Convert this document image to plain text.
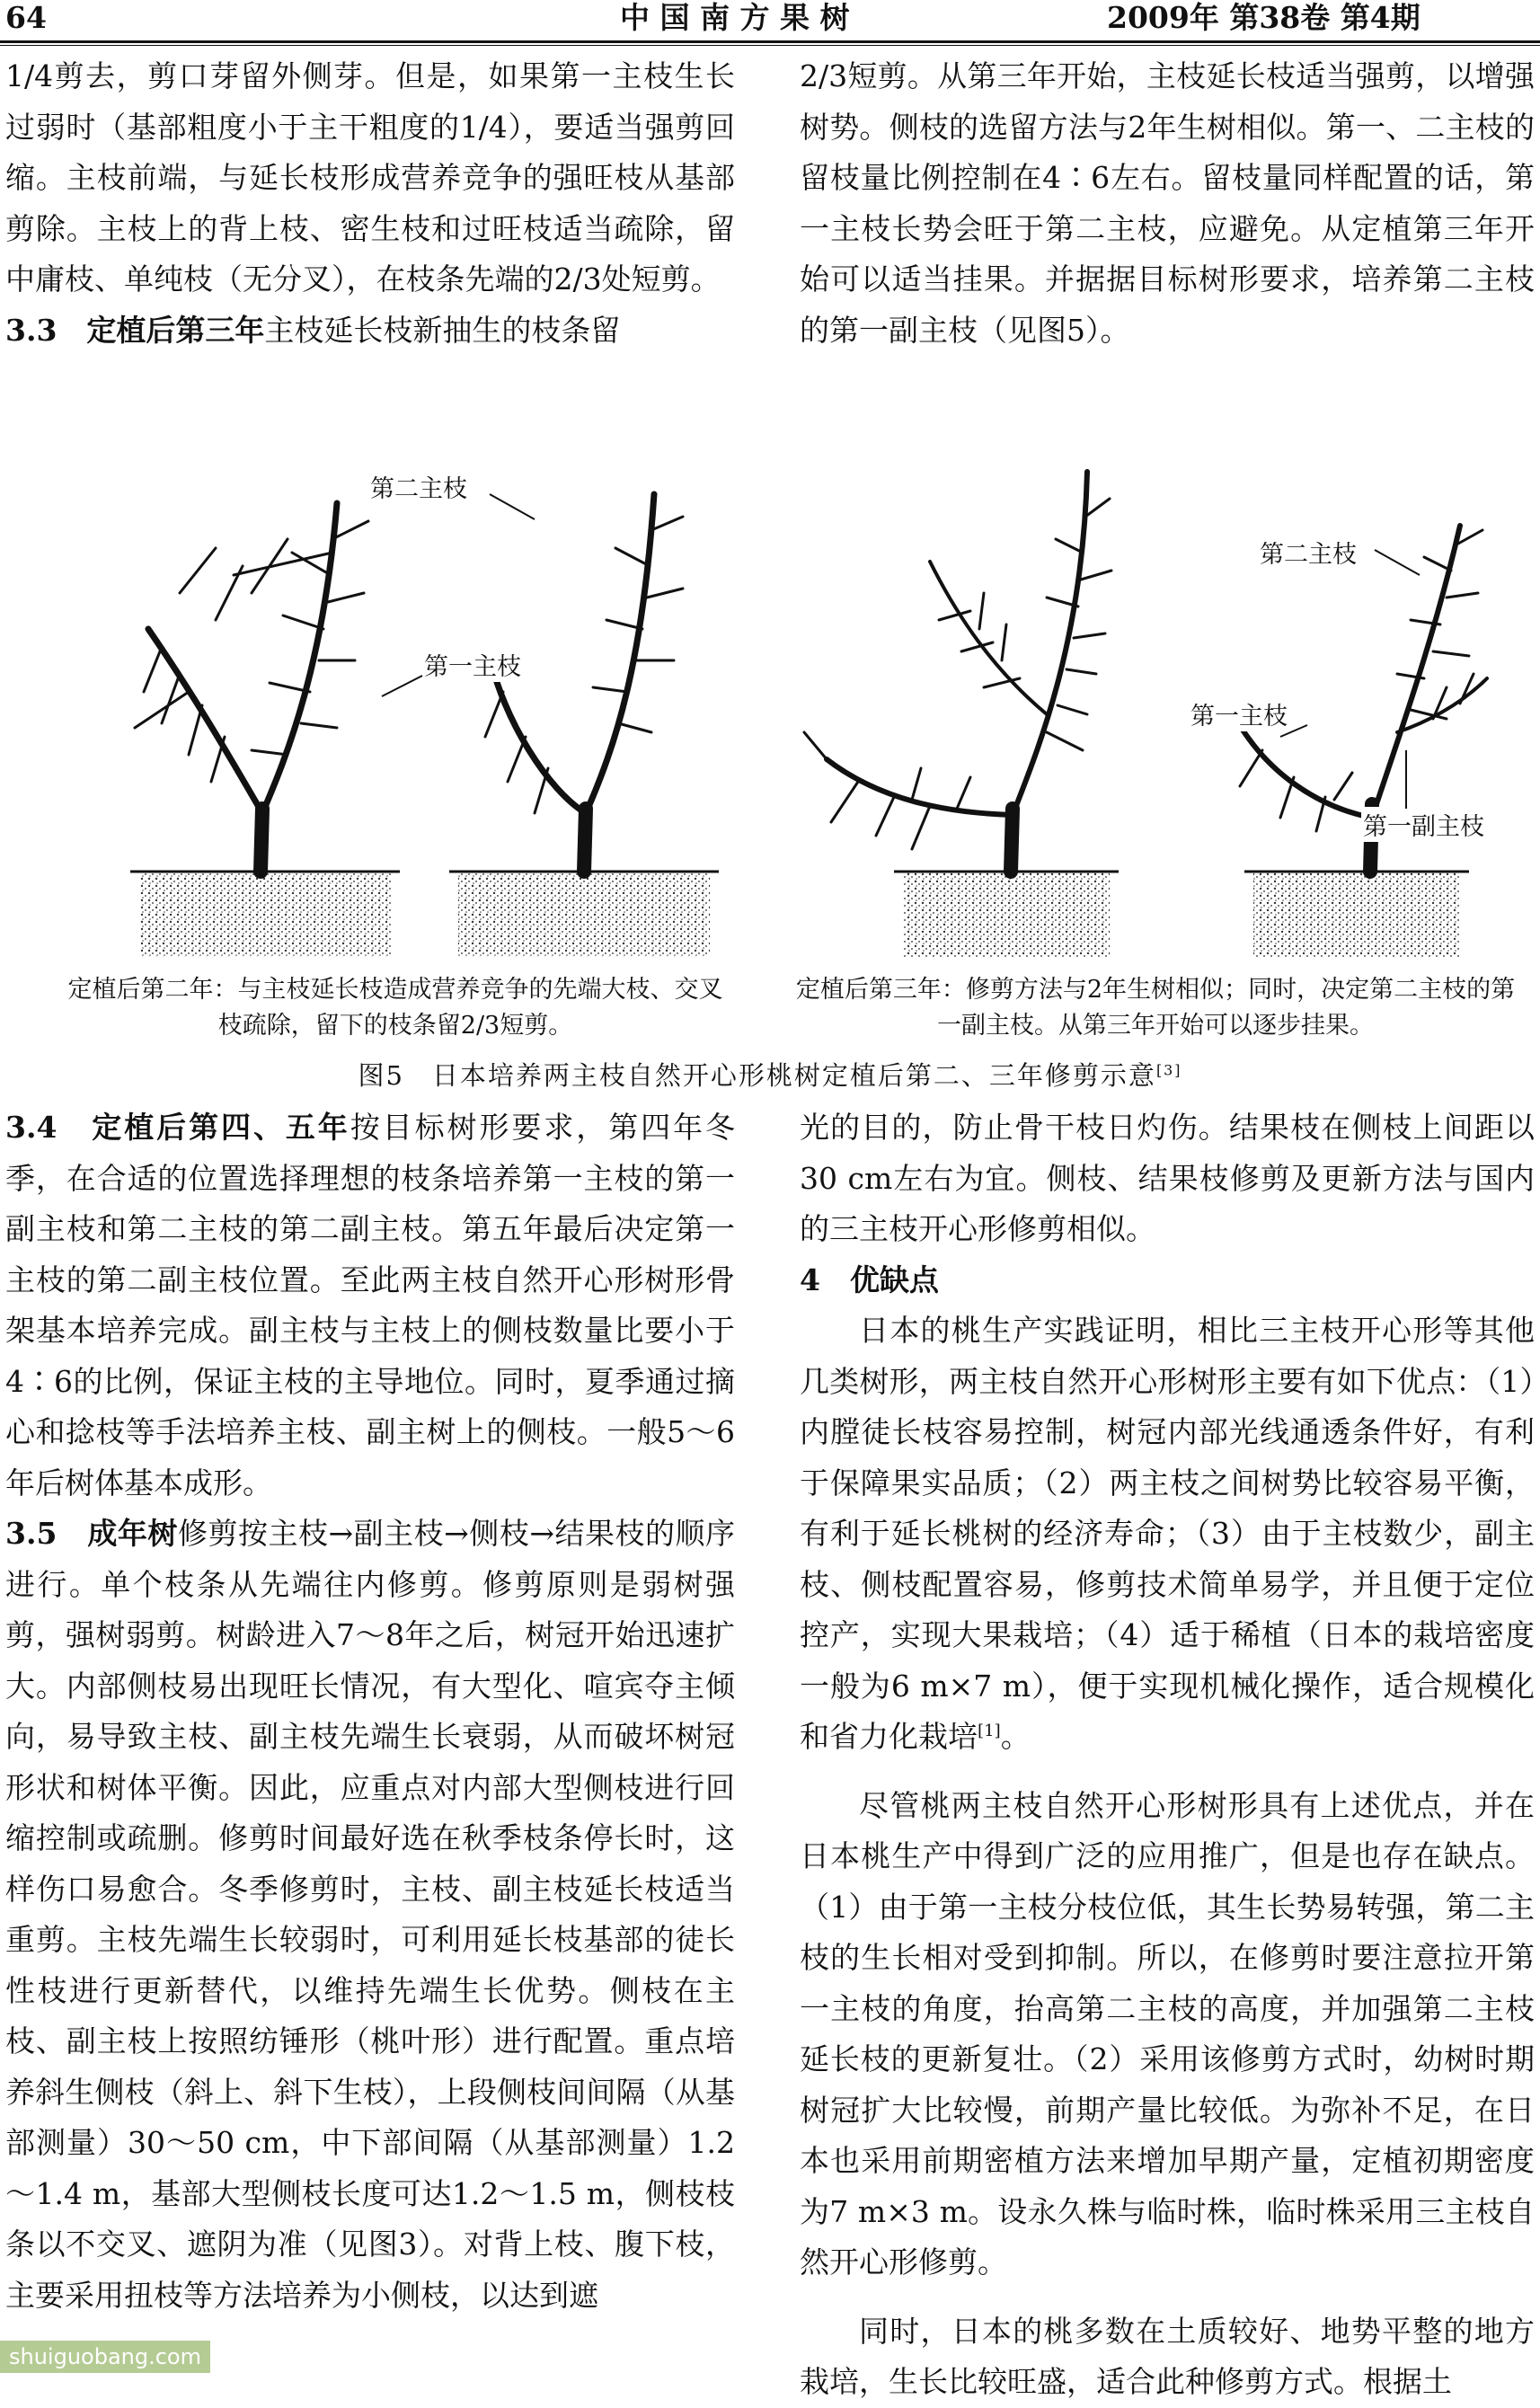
64	中 国 南 方 果 树	2009年 第38卷 第4期

1/4剪去，剪口芽留外侧芽。但是，如果第一主枝生长过弱时（基部粗度小于主干粗度的1/4），要适当强剪回缩。主枝前端，与延长枝形成营养竞争的强旺枝从基部剪除。主枝上的背上枝、密生枝和过旺枝适当疏除，留中庸枝、单纯枝（无分叉），在枝条先端的2/3处短剪。

3.3　定植后第三年主枝延长枝新抽生的枝条留

2/3短剪。从第三年开始，主枝延长枝适当强剪，以增强树势。侧枝的选留方法与2年生树相似。第一、二主枝的留枝量比例控制在4∶6左右。留枝量同样配置的话，第一主枝长势会旺于第二主枝，应避免。从定植第三年开始可以适当挂果。并据据目标树形要求，培养第二主枝的第一副主枝（见图5）。

第二主枝
第一主枝
定植后第二年：与主枝延长枝造成营养竞争的先端大枝、交叉枝疏除，留下的枝条留2/3短剪。
第二主枝
第一主枝
第一副主枝
定植后第三年：修剪方法与2年生树相似；同时，决定第二主枝的第一副主枝。从第三年开始可以逐步挂果。
图5　日本培养两主枝自然开心形桃树定植后第二、三年修剪示意[3]

3.4　定植后第四、五年按目标树形要求，第四年冬季，在合适的位置选择理想的枝条培养第一主枝的第一副主枝和第二主枝的第二副主枝。第五年最后决定第一主枝的第二副主枝位置。至此两主枝自然开心形树形骨架基本培养完成。副主枝与主枝上的侧枝数量比要小于4∶6的比例，保证主枝的主导地位。同时，夏季通过摘心和捻枝等手法培养主枝、副主树上的侧枝。一般5～6年后树体基本成形。

3.5　成年树修剪按主枝→副主枝→侧枝→结果枝的顺序进行。单个枝条从先端往内修剪。修剪原则是弱树强剪，强树弱剪。树龄进入7～8年之后，树冠开始迅速扩大。内部侧枝易出现旺长情况，有大型化、喧宾夺主倾向，易导致主枝、副主枝先端生长衰弱，从而破坏树冠形状和树体平衡。因此，应重点对内部大型侧枝进行回缩控制或疏删。修剪时间最好选在秋季枝条停长时，这样伤口易愈合。冬季修剪时，主枝、副主枝延长枝适当重剪。主枝先端生长较弱时，可利用延长枝基部的徒长性枝进行更新替代，以维持先端生长优势。侧枝在主枝、副主枝上按照纺锤形（桃叶形）进行配置。重点培养斜生侧枝（斜上、斜下生枝），上段侧枝间间隔（从基部测量）30～50 cm，中下部间隔（从基部测量）1.2～1.4 m，基部大型侧枝长度可达1.2～1.5 m，侧枝枝条以不交叉、遮阴为准（见图3）。对背上枝、腹下枝，主要采用扭枝等方法培养为小侧枝，以达到遮

光的目的，防止骨干枝日灼伤。结果枝在侧枝上间距以30 cm左右为宜。侧枝、结果枝修剪及更新方法与国内的三主枝开心形修剪相似。

4　优缺点

日本的桃生产实践证明，相比三主枝开心形等其他几类树形，两主枝自然开心形树形主要有如下优点：（1）内膛徒长枝容易控制，树冠内部光线通透条件好，有利于保障果实品质；（2）两主枝之间树势比较容易平衡，有利于延长桃树的经济寿命；（3）由于主枝数少，副主枝、侧枝配置容易，修剪技术简单易学，并且便于定位控产，实现大果栽培；（4）适于稀植（日本的栽培密度一般为6 m×7 m），便于实现机械化操作，适合规模化和省力化栽培[1]。

尽管桃两主枝自然开心形树形具有上述优点，并在日本桃生产中得到广泛的应用推广，但是也存在缺点。（1）由于第一主枝分枝位低，其生长势易转强，第二主枝的生长相对受到抑制。所以，在修剪时要注意拉开第一主枝的角度，抬高第二主枝的高度，并加强第二主枝延长枝的更新复壮。（2）采用该修剪方式时，幼树时期树冠扩大比较慢，前期产量比较低。为弥补不足，在日本也采用前期密植方法来增加早期产量，定植初期密度为7 m×3 m。设永久株与临时株，临时株采用三主枝自然开心形修剪。

同时，日本的桃多数在土质较好、地势平整的地方栽培，生长比较旺盛，适合此种修剪方式。根据土

shuiguobang.com
